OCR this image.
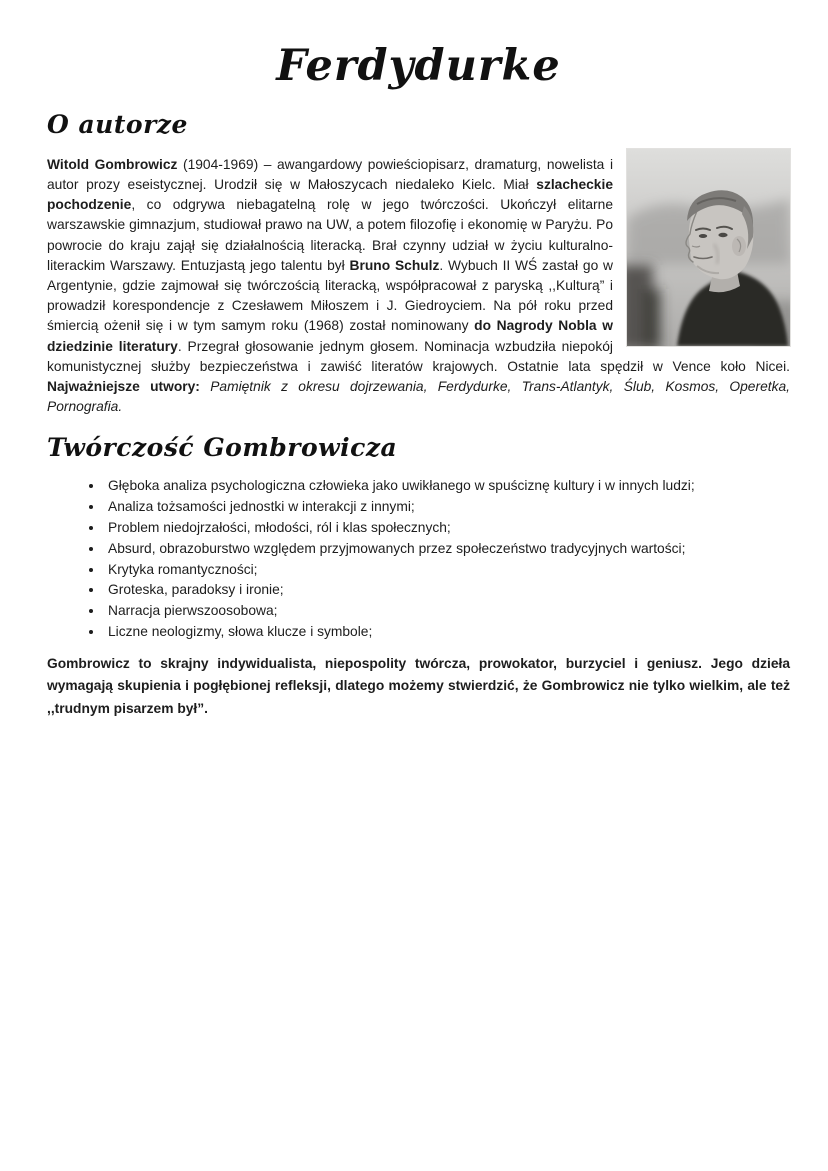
Ferdydurke
O autorze

Witold Gombrowicz (1904-1969) – awangardowy powieściopisarz, dramaturg, nowelista i autor prozy eseistycznej. Urodził się w Małoszycach niedaleko Kielc. Miał szlacheckie pochodzenie, co odgrywa niebagatelną rolę w jego twórczości. Ukończył elitarne warszawskie gimnazjum, studiował prawo na UW, a potem filozofię i ekonomię w Paryżu. Po powrocie do kraju zajął się działalnością literacką. Brał czynny udział w życiu kulturalno-literackim Warszawy. Entuzjastą jego talentu był Bruno Schulz. Wybuch II WŚ zastał go w Argentynie, gdzie zajmował się twórczością literacką, współpracował z paryską ,,Kulturą” i prowadził korespondencje z Czesławem Miłoszem i J. Giedroyciem. Na pół roku przed śmiercią ożenił się i w tym samym roku (1968) został nominowany do Nagrody Nobla w dziedzinie literatury. Przegrał głosowanie jednym głosem. Nominacja wzbudziła niepokój komunistycznej służby bezpieczeństwa i zawiść literatów krajowych. Ostatnie lata spędził w Vence koło Nicei. Najważniejsze utwory: Pamiętnik z okresu dojrzewania, Ferdydurke, Trans-Atlantyk, Ślub, Kosmos, Operetka, Pornografia.

Twórczość Gombrowicza
• Głęboka analiza psychologiczna człowieka jako uwikłanego w spuściznę kultury i w innych ludzi;
• Analiza tożsamości jednostki w interakcji z innymi;
• Problem niedojrzałości, młodości, ról i klas społecznych;
• Absurd, obrazoburstwo względem przyjmowanych przez społeczeństwo tradycyjnych wartości;
• Krytyka romantyczności;
• Groteska, paradoksy i ironie;
• Narracja pierwszoosobowa;
• Liczne neologizmy, słowa klucze i symbole;

Gombrowicz to skrajny indywidualista, niepospolity twórcza, prowokator, burzyciel i geniusz. Jego dzieła wymagają skupienia i pogłębionej refleksji, dlatego możemy stwierdzić, że Gombrowicz nie tylko wielkim, ale też ,,trudnym pisarzem był”.
